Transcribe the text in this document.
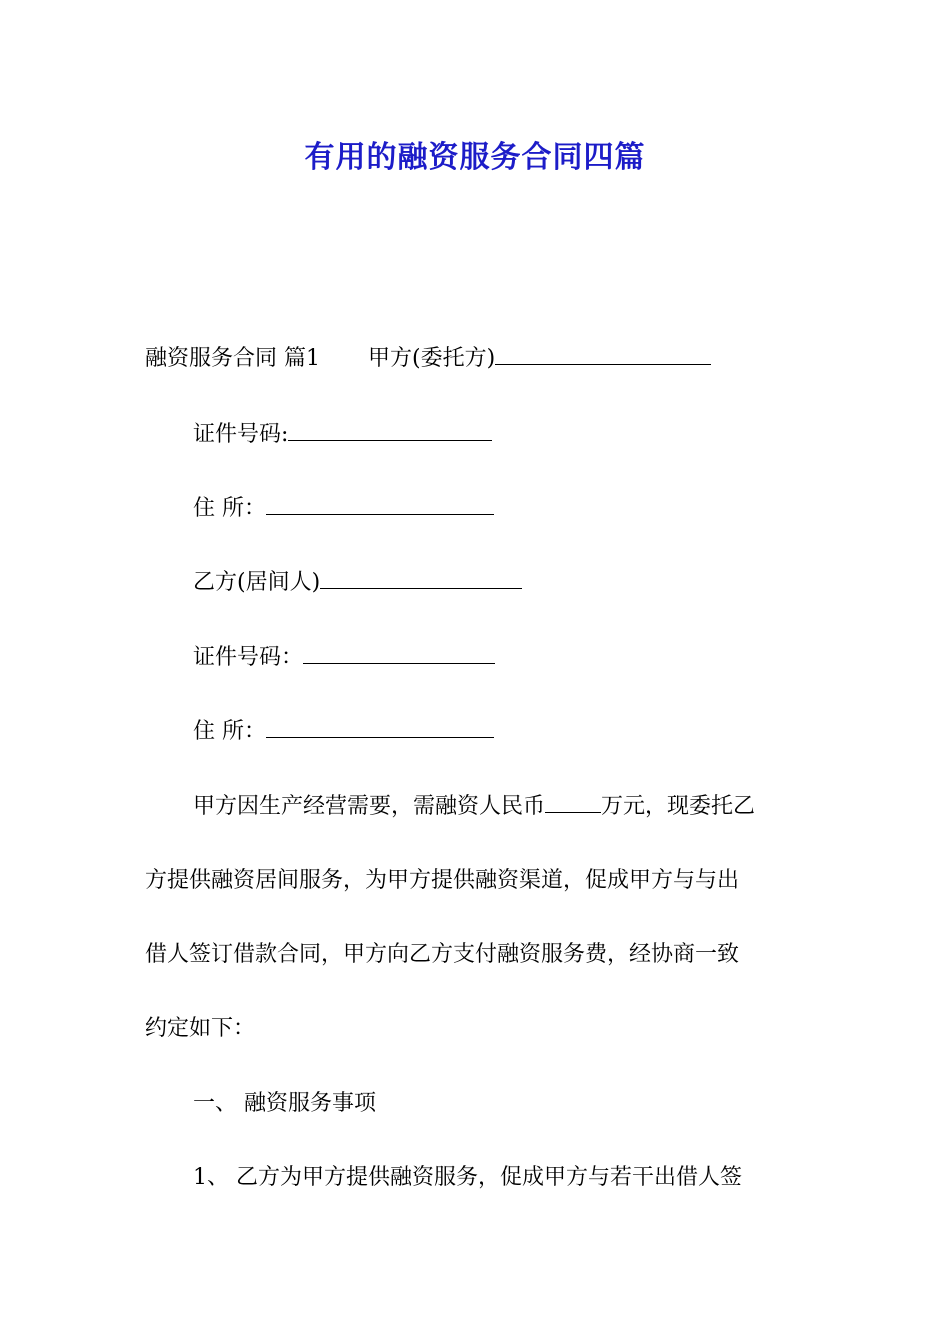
有用的融资服务合同四篇
融资服务合同 篇1 甲方(委托方)
证件号码:
住 所：
乙方(居间人)
证件号码：
住 所：
甲方因生产经营需要，需融资人民币	万元，现委托乙
方提供融资居间服务，为甲方提供融资渠道，促成甲方与与出
借人签订借款合同，甲方向乙方支付融资服务费，经协商一致
约定如下：
一、 融资服务事项
1、 乙方为甲方提供融资服务，促成甲方与若干出借人签
